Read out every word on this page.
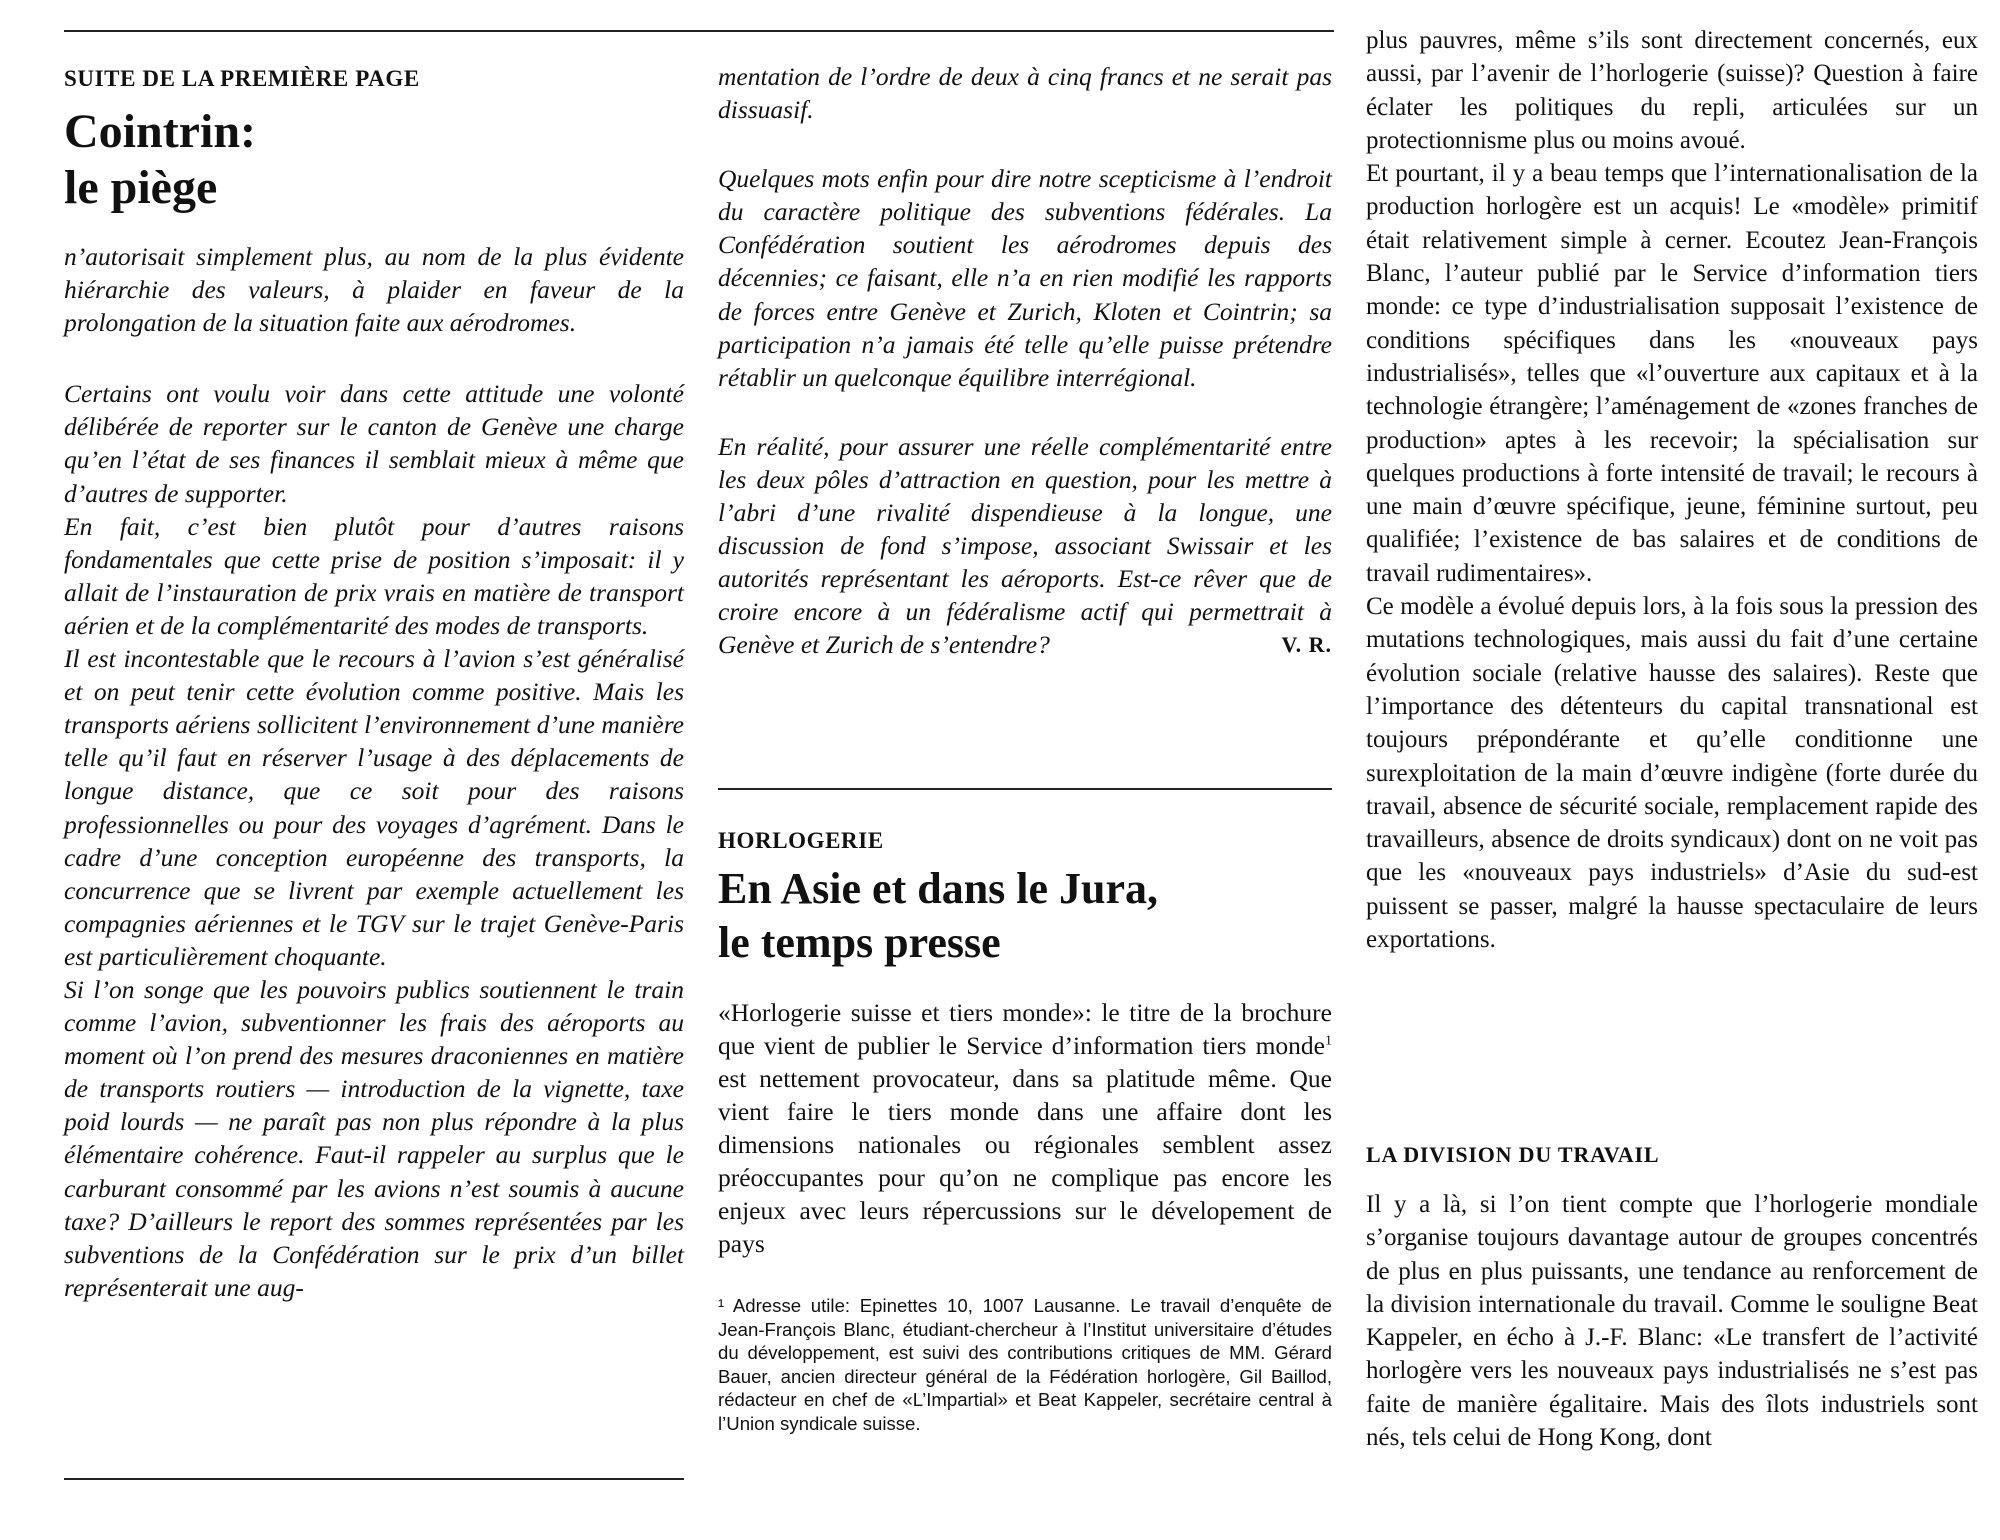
SUITE DE LA PREMIÈRE PAGE
Cointrin:
le piège

n’autorisait simplement plus, au nom de la plus évidente hiérarchie des valeurs, à plaider en faveur de la prolongation de la situation faite aux aérodromes.

Certains ont voulu voir dans cette attitude une volonté délibérée de reporter sur le canton de Genève une charge qu’en l’état de ses finances il semblait mieux à même que d’autres de supporter.

En fait, c’est bien plutôt pour d’autres raisons fondamentales que cette prise de position s’imposait: il y allait de l’instauration de prix vrais en matière de transport aérien et de la complémentarité des modes de transports.

Il est incontestable que le recours à l’avion s’est généralisé et on peut tenir cette évolution comme positive. Mais les transports aériens sollicitent l’environnement d’une manière telle qu’il faut en réserver l’usage à des déplacements de longue distance, que ce soit pour des raisons professionnelles ou pour des voyages d’agrément. Dans le cadre d’une conception européenne des transports, la concurrence que se livrent par exemple actuellement les compagnies aériennes et le TGV sur le trajet Genève-Paris est particulièrement choquante.

Si l’on songe que les pouvoirs publics soutiennent le train comme l’avion, subventionner les frais des aéroports au moment où l’on prend des mesures draconiennes en matière de transports routiers — introduction de la vignette, taxe poid lourds — ne paraît pas non plus répondre à la plus élémentaire cohérence. Faut-il rappeler au surplus que le carburant consommé par les avions n’est soumis à aucune taxe? D’ailleurs le report des sommes représentées par les subventions de la Confédération sur le prix d’un billet représenterait une aug-

mentation de l’ordre de deux à cinq francs et ne serait pas dissuasif.

Quelques mots enfin pour dire notre scepticisme à l’endroit du caractère politique des subventions fédérales. La Confédération soutient les aérodromes depuis des décennies; ce faisant, elle n’a en rien modifié les rapports de forces entre Genève et Zurich, Kloten et Cointrin; sa participation n’a jamais été telle qu’elle puisse prétendre rétablir un quelconque équilibre interrégional.

En réalité, pour assurer une réelle complémentarité entre les deux pôles d’attraction en question, pour les mettre à l’abri d’une rivalité dispendieuse à la longue, une discussion de fond s’impose, associant Swissair et les autorités représentant les aéroports. Est-ce rêver que de croire encore à un fédéralisme actif qui permettrait à Genève et Zurich de s’entendre?	V. R.

HORLOGERIE
En Asie et dans le Jura,
le temps presse

«Horlogerie suisse et tiers monde»: le titre de la brochure que vient de publier le Service d’information tiers monde$^1$ est nettement provocateur, dans sa platitude même. Que vient faire le tiers monde dans une affaire dont les dimensions nationales ou régionales semblent assez préoccupantes pour qu’on ne complique pas encore les enjeux avec leurs répercussions sur le dévelopement de pays

¹ Adresse utile: Epinettes 10, 1007 Lausanne. Le travail d’enquête de Jean-François Blanc, étudiant-chercheur à l’Institut universitaire d’études du développement, est suivi des contributions critiques de MM. Gérard Bauer, ancien directeur général de la Fédération horlogère, Gil Baillod, rédacteur en chef de «L’Impartial» et Beat Kappeler, secrétaire central à l’Union syndicale suisse.

plus pauvres, même s’ils sont directement concernés, eux aussi, par l’avenir de l’horlogerie (suisse)? Question à faire éclater les politiques du repli, articulées sur un protectionnisme plus ou moins avoué.

Et pourtant, il y a beau temps que l’internationalisation de la production horlogère est un acquis! Le «modèle» primitif était relativement simple à cerner. Ecoutez Jean-François Blanc, l’auteur publié par le Service d’information tiers monde: ce type d’industrialisation supposait l’existence de conditions spécifiques dans les «nouveaux pays industrialisés», telles que «l’ouverture aux capitaux et à la technologie étrangère; l’aménagement de «zones franches de production» aptes à les recevoir; la spécialisation sur quelques productions à forte intensité de travail; le recours à une main d’œuvre spécifique, jeune, féminine surtout, peu qualifiée; l’existence de bas salaires et de conditions de travail rudimentaires».

Ce modèle a évolué depuis lors, à la fois sous la pression des mutations technologiques, mais aussi du fait d’une certaine évolution sociale (relative hausse des salaires). Reste que l’importance des détenteurs du capital transnational est toujours prépondérante et qu’elle conditionne une surexploitation de la main d’œuvre indigène (forte durée du travail, absence de sécurité sociale, remplacement rapide des travailleurs, absence de droits syndicaux) dont on ne voit pas que les «nouveaux pays industriels» d’Asie du sud-est puissent se passer, malgré la hausse spectaculaire de leurs exportations.

LA DIVISION DU TRAVAIL

Il y a là, si l’on tient compte que l’horlogerie mondiale s’organise toujours davantage autour de groupes concentrés de plus en plus puissants, une tendance au renforcement de la division internationale du travail. Comme le souligne Beat Kappeler, en écho à J.-F. Blanc: «Le transfert de l’activité horlogère vers les nouveaux pays industrialisés ne s’est pas faite de manière égalitaire. Mais des îlots industriels sont nés, tels celui de Hong Kong, dont
